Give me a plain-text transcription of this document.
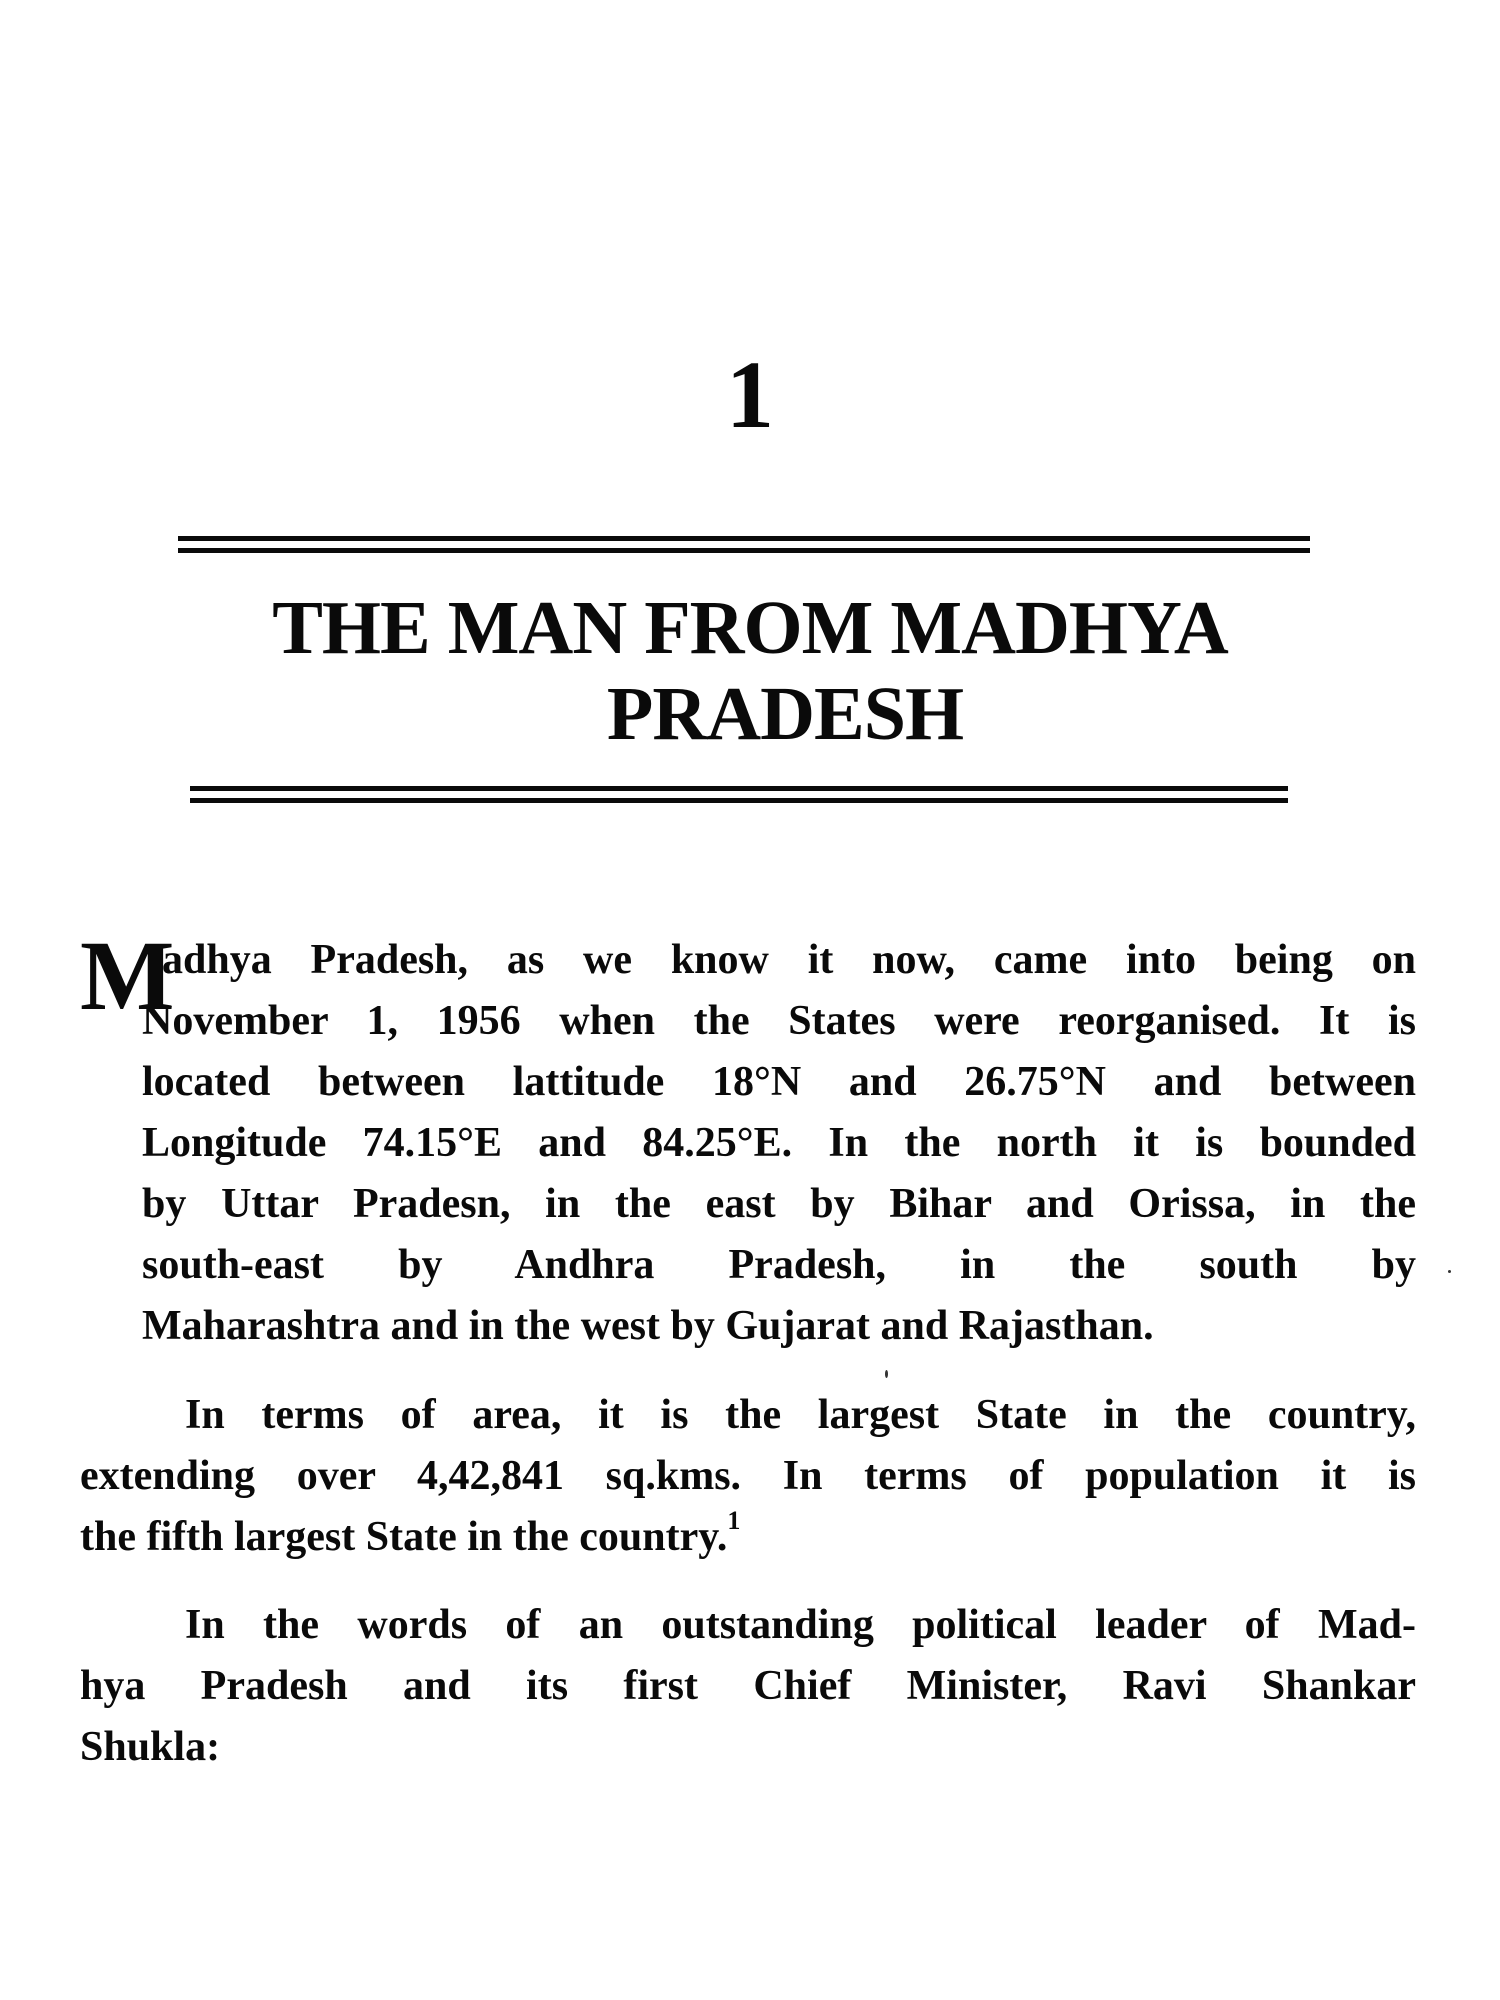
1
THE MAN FROM MADHYA
PRADESH
M
adhya Pradesh, as we know it now, came into being on
November 1, 1956 when the States were reorganised. It is
located between lattitude 18°N and 26.75°N and between
Longitude 74.15°E and 84.25°E. In the north it is bounded
by Uttar Pradesn, in the east by Bihar and Orissa, in the
south-east by Andhra Pradesh, in the south by
Maharashtra and in the west by Gujarat and Rajasthan.
In terms of area, it is the largest State in the country,
extending over 4,42,841 sq.kms. In terms of population it is
the fifth largest State in the country.$^1$
In the words of an outstanding political leader of Mad-
hya Pradesh and its first Chief Minister, Ravi Shankar
Shukla:
